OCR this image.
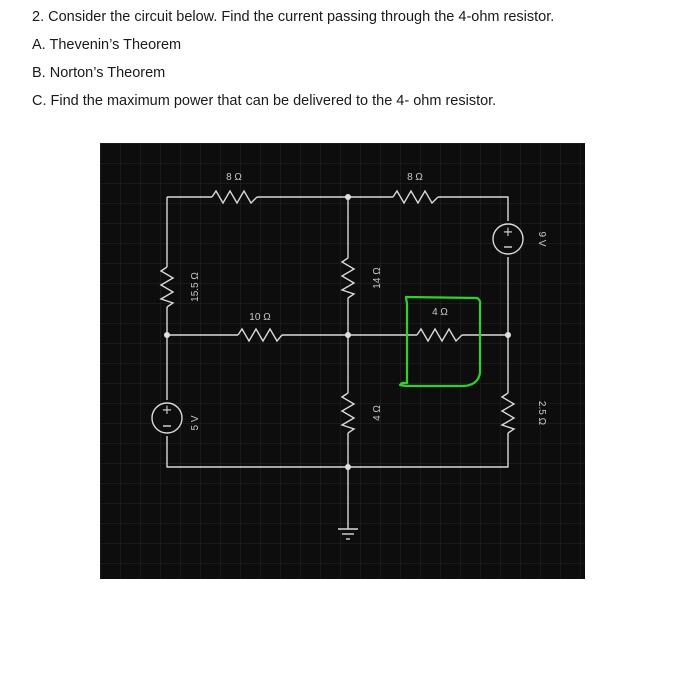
2. Consider the circuit below. Find the current passing through the 4-ohm resistor.

A. Thevenin’s Theorem

B. Norton’s Theorem

C. Find the maximum power that can be delivered to the 4- ohm resistor.

+
+
8 Ω	8 Ω
10 Ω	4 Ω
15.5 Ω
5 V
14 Ω
4 Ω
9 V
2.5 Ω
